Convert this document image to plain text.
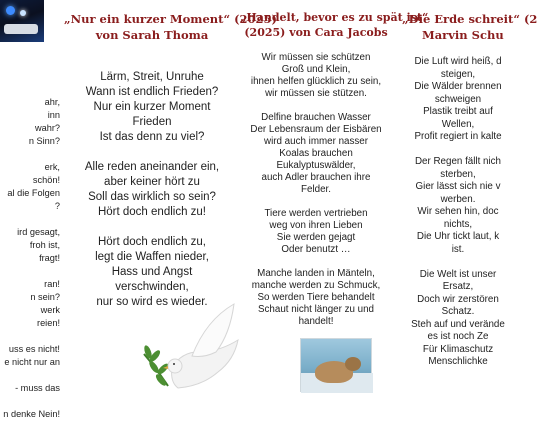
ahr,
inn
wahr?
n Sinn?

erk,
schön!
al die Folgen
?

ird gesagt,
froh ist,
fragt!

ran!
n sein?
werk
reien!

uss es nicht!
e nicht nur an

- muss das

n denke Nein!
„Nur ein kurzer Moment“ (2025)
von Sarah Thoma
Lärm, Streit, Unruhe
Wann ist endlich Frieden?
Nur ein kurzer Moment
Frieden
Ist das denn zu viel?

Alle reden aneinander ein,
aber keiner hört zu
Soll das wirklich so sein?
Hört doch endlich zu!

Hört doch endlich zu,
legt die Waffen nieder,
Hass und Angst
verschwinden,
nur so wird es wieder.
„Handelt, bevor es zu spät ist“
(2025) von Cara Jacobs
Wir müssen sie schützen
Groß und Klein,
ihnen helfen glücklich zu sein,
wir müssen sie stützen.

Delfine brauchen Wasser
Der Lebensraum der Eisbären
wird auch immer nasser
Koalas brauchen
Eukalyptuswälder,
auch Adler brauchen ihre
Felder.

Tiere werden vertrieben
weg von ihren Lieben
Sie werden gejagt
Oder benutzt …

Manche landen in Mänteln,
manche werden zu Schmuck,
So werden Tiere behandelt
Schaut nicht länger zu und
handelt!
„Die Erde schreit“ (2
Marvin Schu
Die Luft wird heiß, d
steigen,
Die Wälder brennen
schweigen
Plastik treibt auf
Wellen,
Profit regiert in kalte

Der Regen fällt nich
sterben,
Gier lässt sich nie v
werben.
Wir sehen hin, doc
nichts,
Die Uhr tickt laut, k
ist.

Die Welt ist unser
Ersatz,
Doch wir zerstören
Schatz.
Steh auf und verände
es ist noch Ze
Für Klimaschutz
Menschlichke
